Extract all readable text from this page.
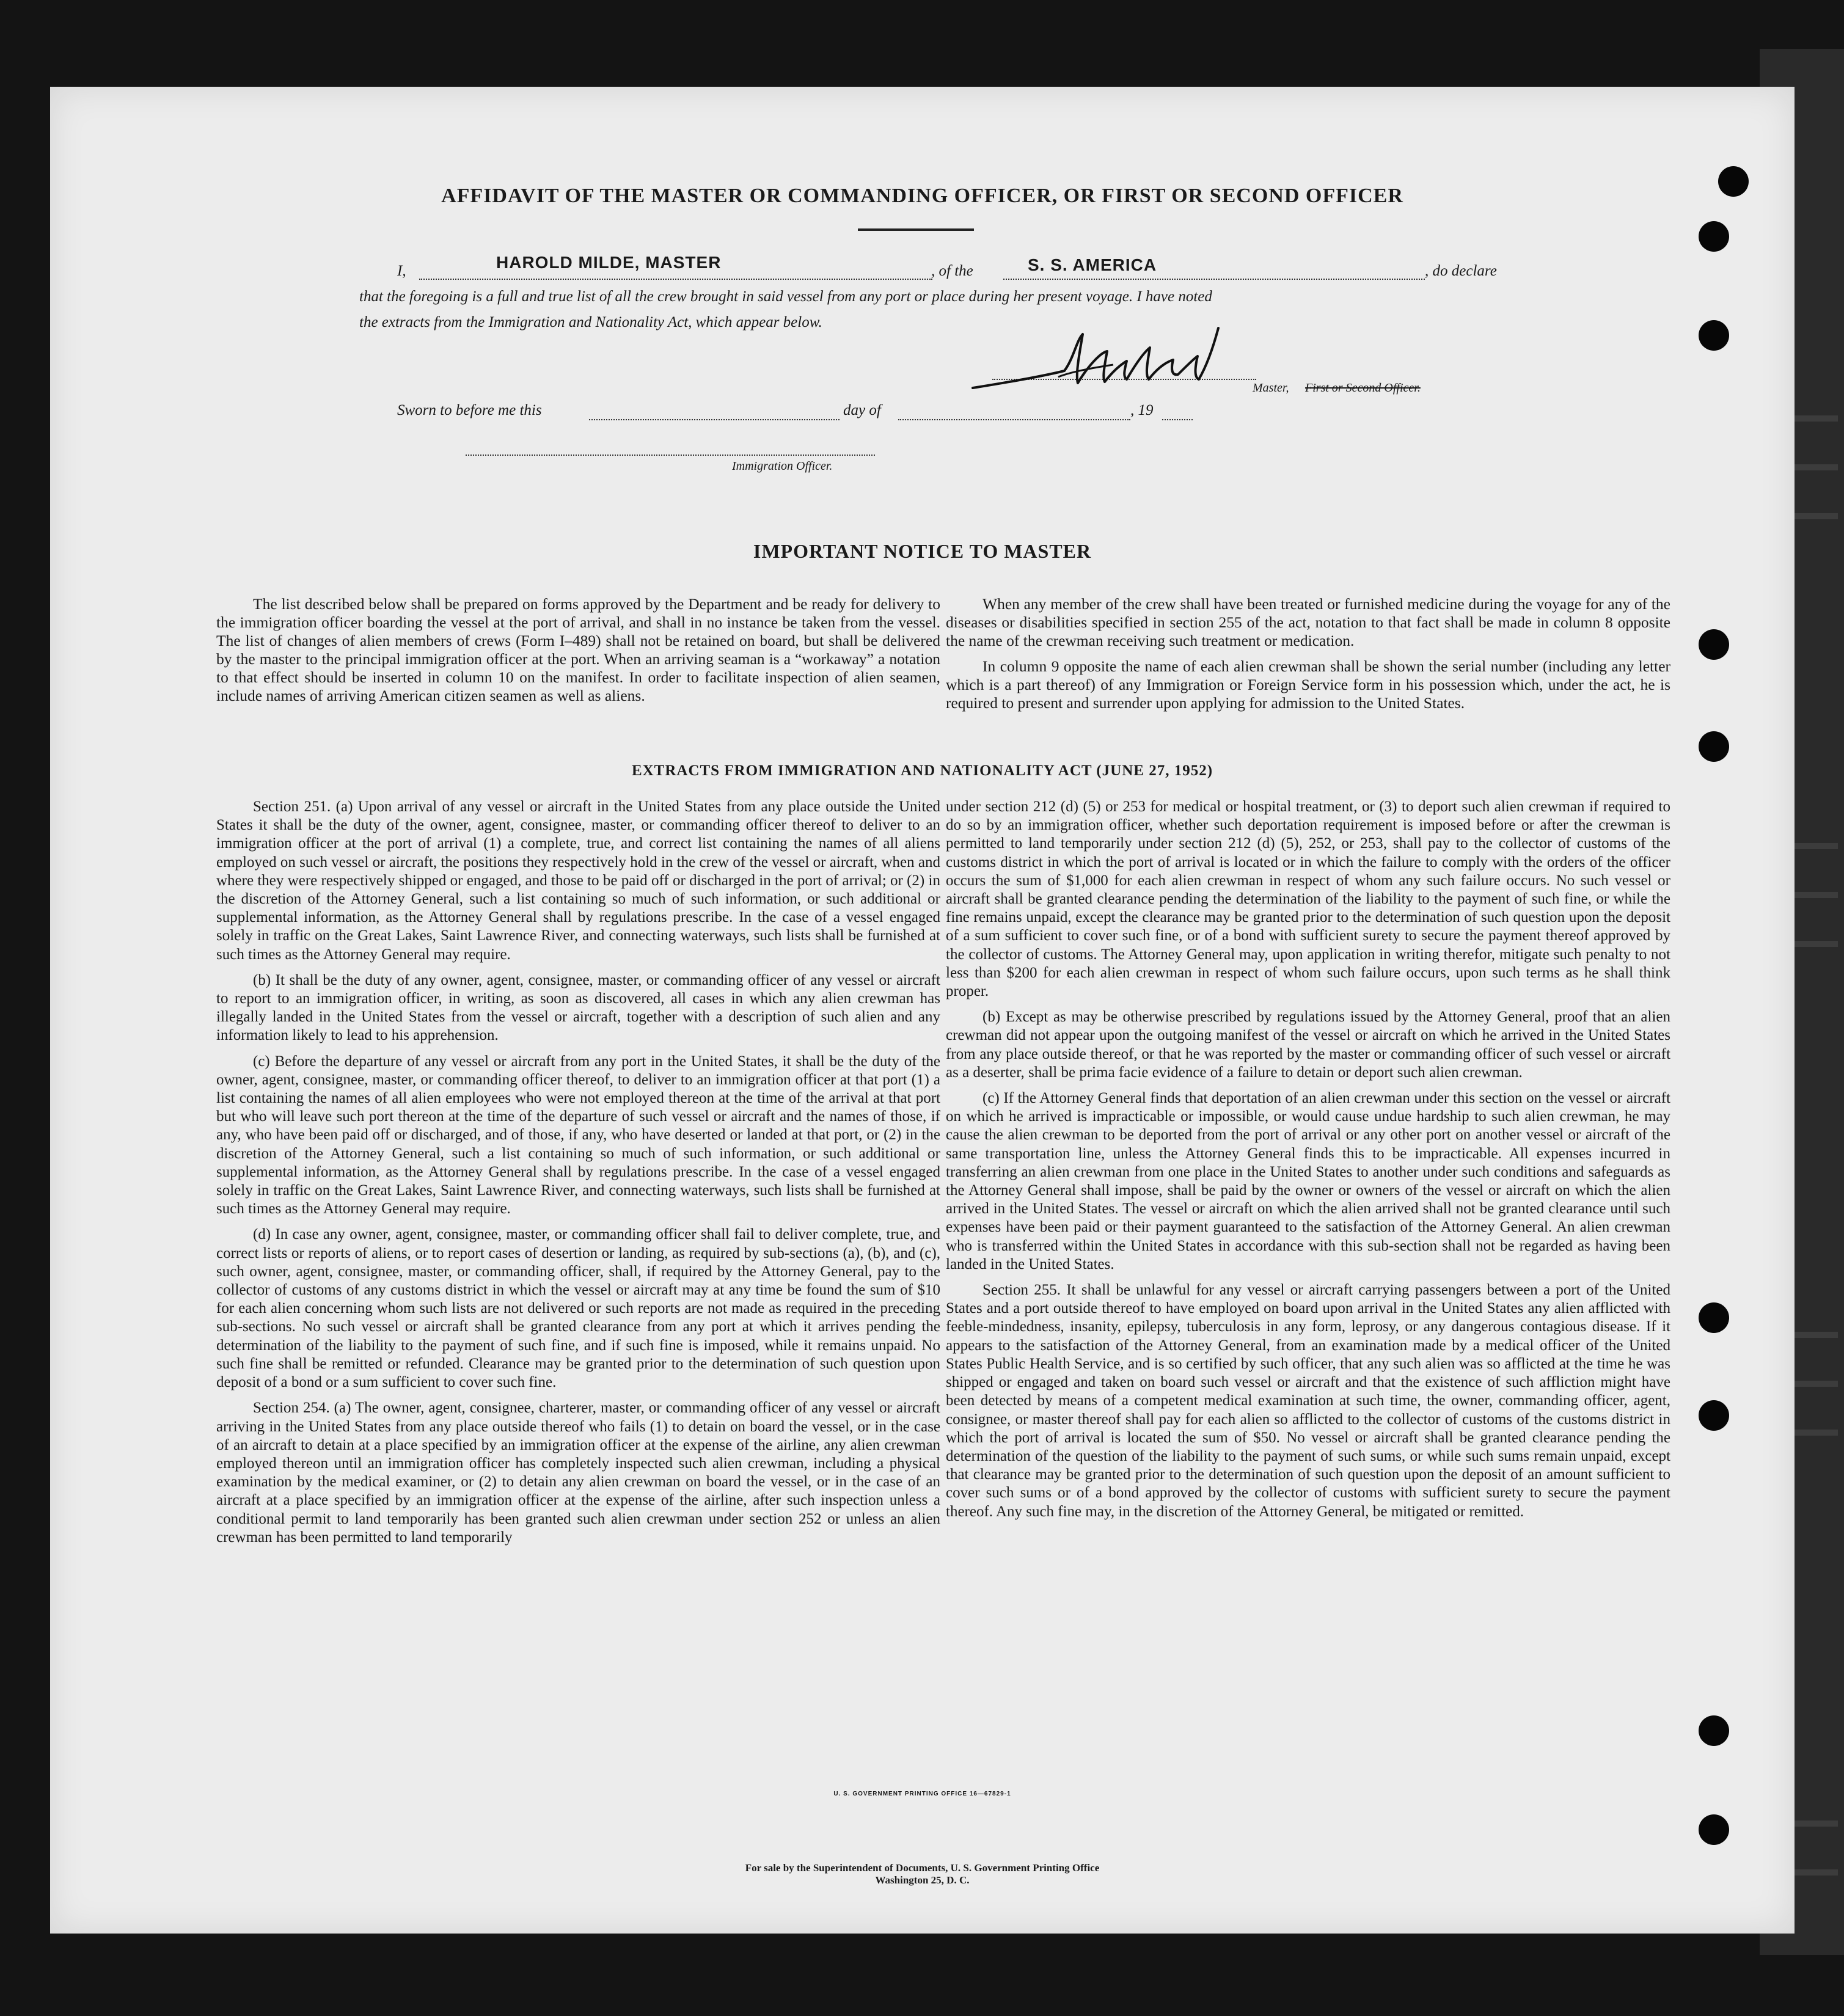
AFFIDAVIT OF THE MASTER OR COMMANDING OFFICER, OR FIRST OR SECOND OFFICER
I,	HAROLD MILDE, MASTER	, of the	S. S. AMERICA	, do declare
that the foregoing is a full and true list of all the crew brought in said vessel from any port or place during her present voyage. I have noted
the extracts from the Immigration and Nationality Act, which appear below.
Master, First or Second Officer.
Sworn to before me this	day of	, 19
Immigration Officer.
IMPORTANT NOTICE TO MASTER

The list described below shall be prepared on forms approved by the Department and be ready for delivery to the immigration officer boarding the vessel at the port of arrival, and shall in no instance be taken from the vessel. The list of changes of alien members of crews (Form I–489) shall not be retained on board, but shall be delivered by the master to the principal immigration officer at the port. When an arriving seaman is a “workaway” a notation to that effect should be inserted in column 10 on the manifest. In order to facilitate inspection of alien seamen, include names of arriving American citizen seamen as well as aliens.

When any member of the crew shall have been treated or furnished medicine during the voyage for any of the diseases or disabilities specified in section 255 of the act, notation to that fact shall be made in column 8 opposite the name of the crewman receiving such treatment or medication.

In column 9 opposite the name of each alien crewman shall be shown the serial number (including any letter which is a part thereof) of any Immigration or Foreign Service form in his possession which, under the act, he is required to present and surrender upon applying for admission to the United States.

EXTRACTS FROM IMMIGRATION AND NATIONALITY ACT (JUNE 27, 1952)

Section 251. (a) Upon arrival of any vessel or aircraft in the United States from any place outside the United States it shall be the duty of the owner, agent, consignee, master, or commanding officer thereof to deliver to an immigration officer at the port of arrival (1) a complete, true, and correct list containing the names of all aliens employed on such vessel or aircraft, the positions they respectively hold in the crew of the vessel or aircraft, when and where they were respectively shipped or engaged, and those to be paid off or discharged in the port of arrival; or (2) in the discretion of the Attorney General, such a list containing so much of such information, or such additional or supplemental information, as the Attorney General shall by regulations prescribe. In the case of a vessel engaged solely in traffic on the Great Lakes, Saint Lawrence River, and connecting waterways, such lists shall be furnished at such times as the Attorney General may require.

(b) It shall be the duty of any owner, agent, consignee, master, or commanding officer of any vessel or aircraft to report to an immigration officer, in writing, as soon as discovered, all cases in which any alien crewman has illegally landed in the United States from the vessel or aircraft, together with a description of such alien and any information likely to lead to his apprehension.

(c) Before the departure of any vessel or aircraft from any port in the United States, it shall be the duty of the owner, agent, consignee, master, or commanding officer thereof, to deliver to an immigration officer at that port (1) a list containing the names of all alien employees who were not employed thereon at the time of the arrival at that port but who will leave such port thereon at the time of the departure of such vessel or aircraft and the names of those, if any, who have been paid off or discharged, and of those, if any, who have deserted or landed at that port, or (2) in the discretion of the Attorney General, such a list containing so much of such information, or such additional or supplemental information, as the Attorney General shall by regulations prescribe. In the case of a vessel engaged solely in traffic on the Great Lakes, Saint Lawrence River, and connecting waterways, such lists shall be furnished at such times as the Attorney General may require.

(d) In case any owner, agent, consignee, master, or commanding officer shall fail to deliver complete, true, and correct lists or reports of aliens, or to report cases of desertion or landing, as required by sub-sections (a), (b), and (c), such owner, agent, consignee, master, or commanding officer, shall, if required by the Attorney General, pay to the collector of customs of any customs district in which the vessel or aircraft may at any time be found the sum of $10 for each alien concerning whom such lists are not delivered or such reports are not made as required in the preceding sub-sections. No such vessel or aircraft shall be granted clearance from any port at which it arrives pending the determination of the liability to the payment of such fine, and if such fine is imposed, while it remains unpaid. No such fine shall be remitted or refunded. Clearance may be granted prior to the determination of such question upon deposit of a bond or a sum sufficient to cover such fine.

Section 254. (a) The owner, agent, consignee, charterer, master, or commanding officer of any vessel or aircraft arriving in the United States from any place outside thereof who fails (1) to detain on board the vessel, or in the case of an aircraft to detain at a place specified by an immigration officer at the expense of the airline, any alien crewman employed thereon until an immigration officer has completely inspected such alien crewman, including a physical examination by the medical examiner, or (2) to detain any alien crewman on board the vessel, or in the case of an aircraft at a place specified by an immigration officer at the expense of the airline, after such inspection unless a conditional permit to land temporarily has been granted such alien crewman under section 252 or unless an alien crewman has been permitted to land temporarily

under section 212 (d) (5) or 253 for medical or hospital treatment, or (3) to deport such alien crewman if required to do so by an immigration officer, whether such deportation requirement is imposed before or after the crewman is permitted to land temporarily under section 212 (d) (5), 252, or 253, shall pay to the collector of customs of the customs district in which the port of arrival is located or in which the failure to comply with the orders of the officer occurs the sum of $1,000 for each alien crewman in respect of whom any such failure occurs. No such vessel or aircraft shall be granted clearance pending the determination of the liability to the payment of such fine, or while the fine remains unpaid, except the clearance may be granted prior to the determination of such question upon the deposit of a sum sufficient to cover such fine, or of a bond with sufficient surety to secure the payment thereof approved by the collector of customs. The Attorney General may, upon application in writing therefor, mitigate such penalty to not less than $200 for each alien crewman in respect of whom such failure occurs, upon such terms as he shall think proper.

(b) Except as may be otherwise prescribed by regulations issued by the Attorney General, proof that an alien crewman did not appear upon the outgoing manifest of the vessel or aircraft on which he arrived in the United States from any place outside thereof, or that he was reported by the master or commanding officer of such vessel or aircraft as a deserter, shall be prima facie evidence of a failure to detain or deport such alien crewman.

(c) If the Attorney General finds that deportation of an alien crewman under this section on the vessel or aircraft on which he arrived is impracticable or impossible, or would cause undue hardship to such alien crewman, he may cause the alien crewman to be deported from the port of arrival or any other port on another vessel or aircraft of the same transportation line, unless the Attorney General finds this to be impracticable. All expenses incurred in transferring an alien crewman from one place in the United States to another under such conditions and safeguards as the Attorney General shall impose, shall be paid by the owner or owners of the vessel or aircraft on which the alien arrived in the United States. The vessel or aircraft on which the alien arrived shall not be granted clearance until such expenses have been paid or their payment guaranteed to the satisfaction of the Attorney General. An alien crewman who is transferred within the United States in accordance with this sub-section shall not be regarded as having been landed in the United States.

Section 255. It shall be unlawful for any vessel or aircraft carrying passengers between a port of the United States and a port outside thereof to have employed on board upon arrival in the United States any alien afflicted with feeble-mindedness, insanity, epilepsy, tuberculosis in any form, leprosy, or any dangerous contagious disease. If it appears to the satisfaction of the Attorney General, from an examination made by a medical officer of the United States Public Health Service, and is so certified by such officer, that any such alien was so afflicted at the time he was shipped or engaged and taken on board such vessel or aircraft and that the existence of such affliction might have been detected by means of a competent medical examination at such time, the owner, commanding officer, agent, consignee, or master thereof shall pay for each alien so afflicted to the collector of customs of the customs district in which the port of arrival is located the sum of $50. No vessel or aircraft shall be granted clearance pending the determination of the question of the liability to the payment of such sums, or while such sums remain unpaid, except that clearance may be granted prior to the determination of such question upon the deposit of an amount sufficient to cover such sums or of a bond approved by the collector of customs with sufficient surety to secure the payment thereof. Any such fine may, in the discretion of the Attorney General, be mitigated or remitted.

U. S. GOVERNMENT PRINTING OFFICE 16—67829-1
For sale by the Superintendent of Documents, U. S. Government Printing Office
Washington 25, D. C.
